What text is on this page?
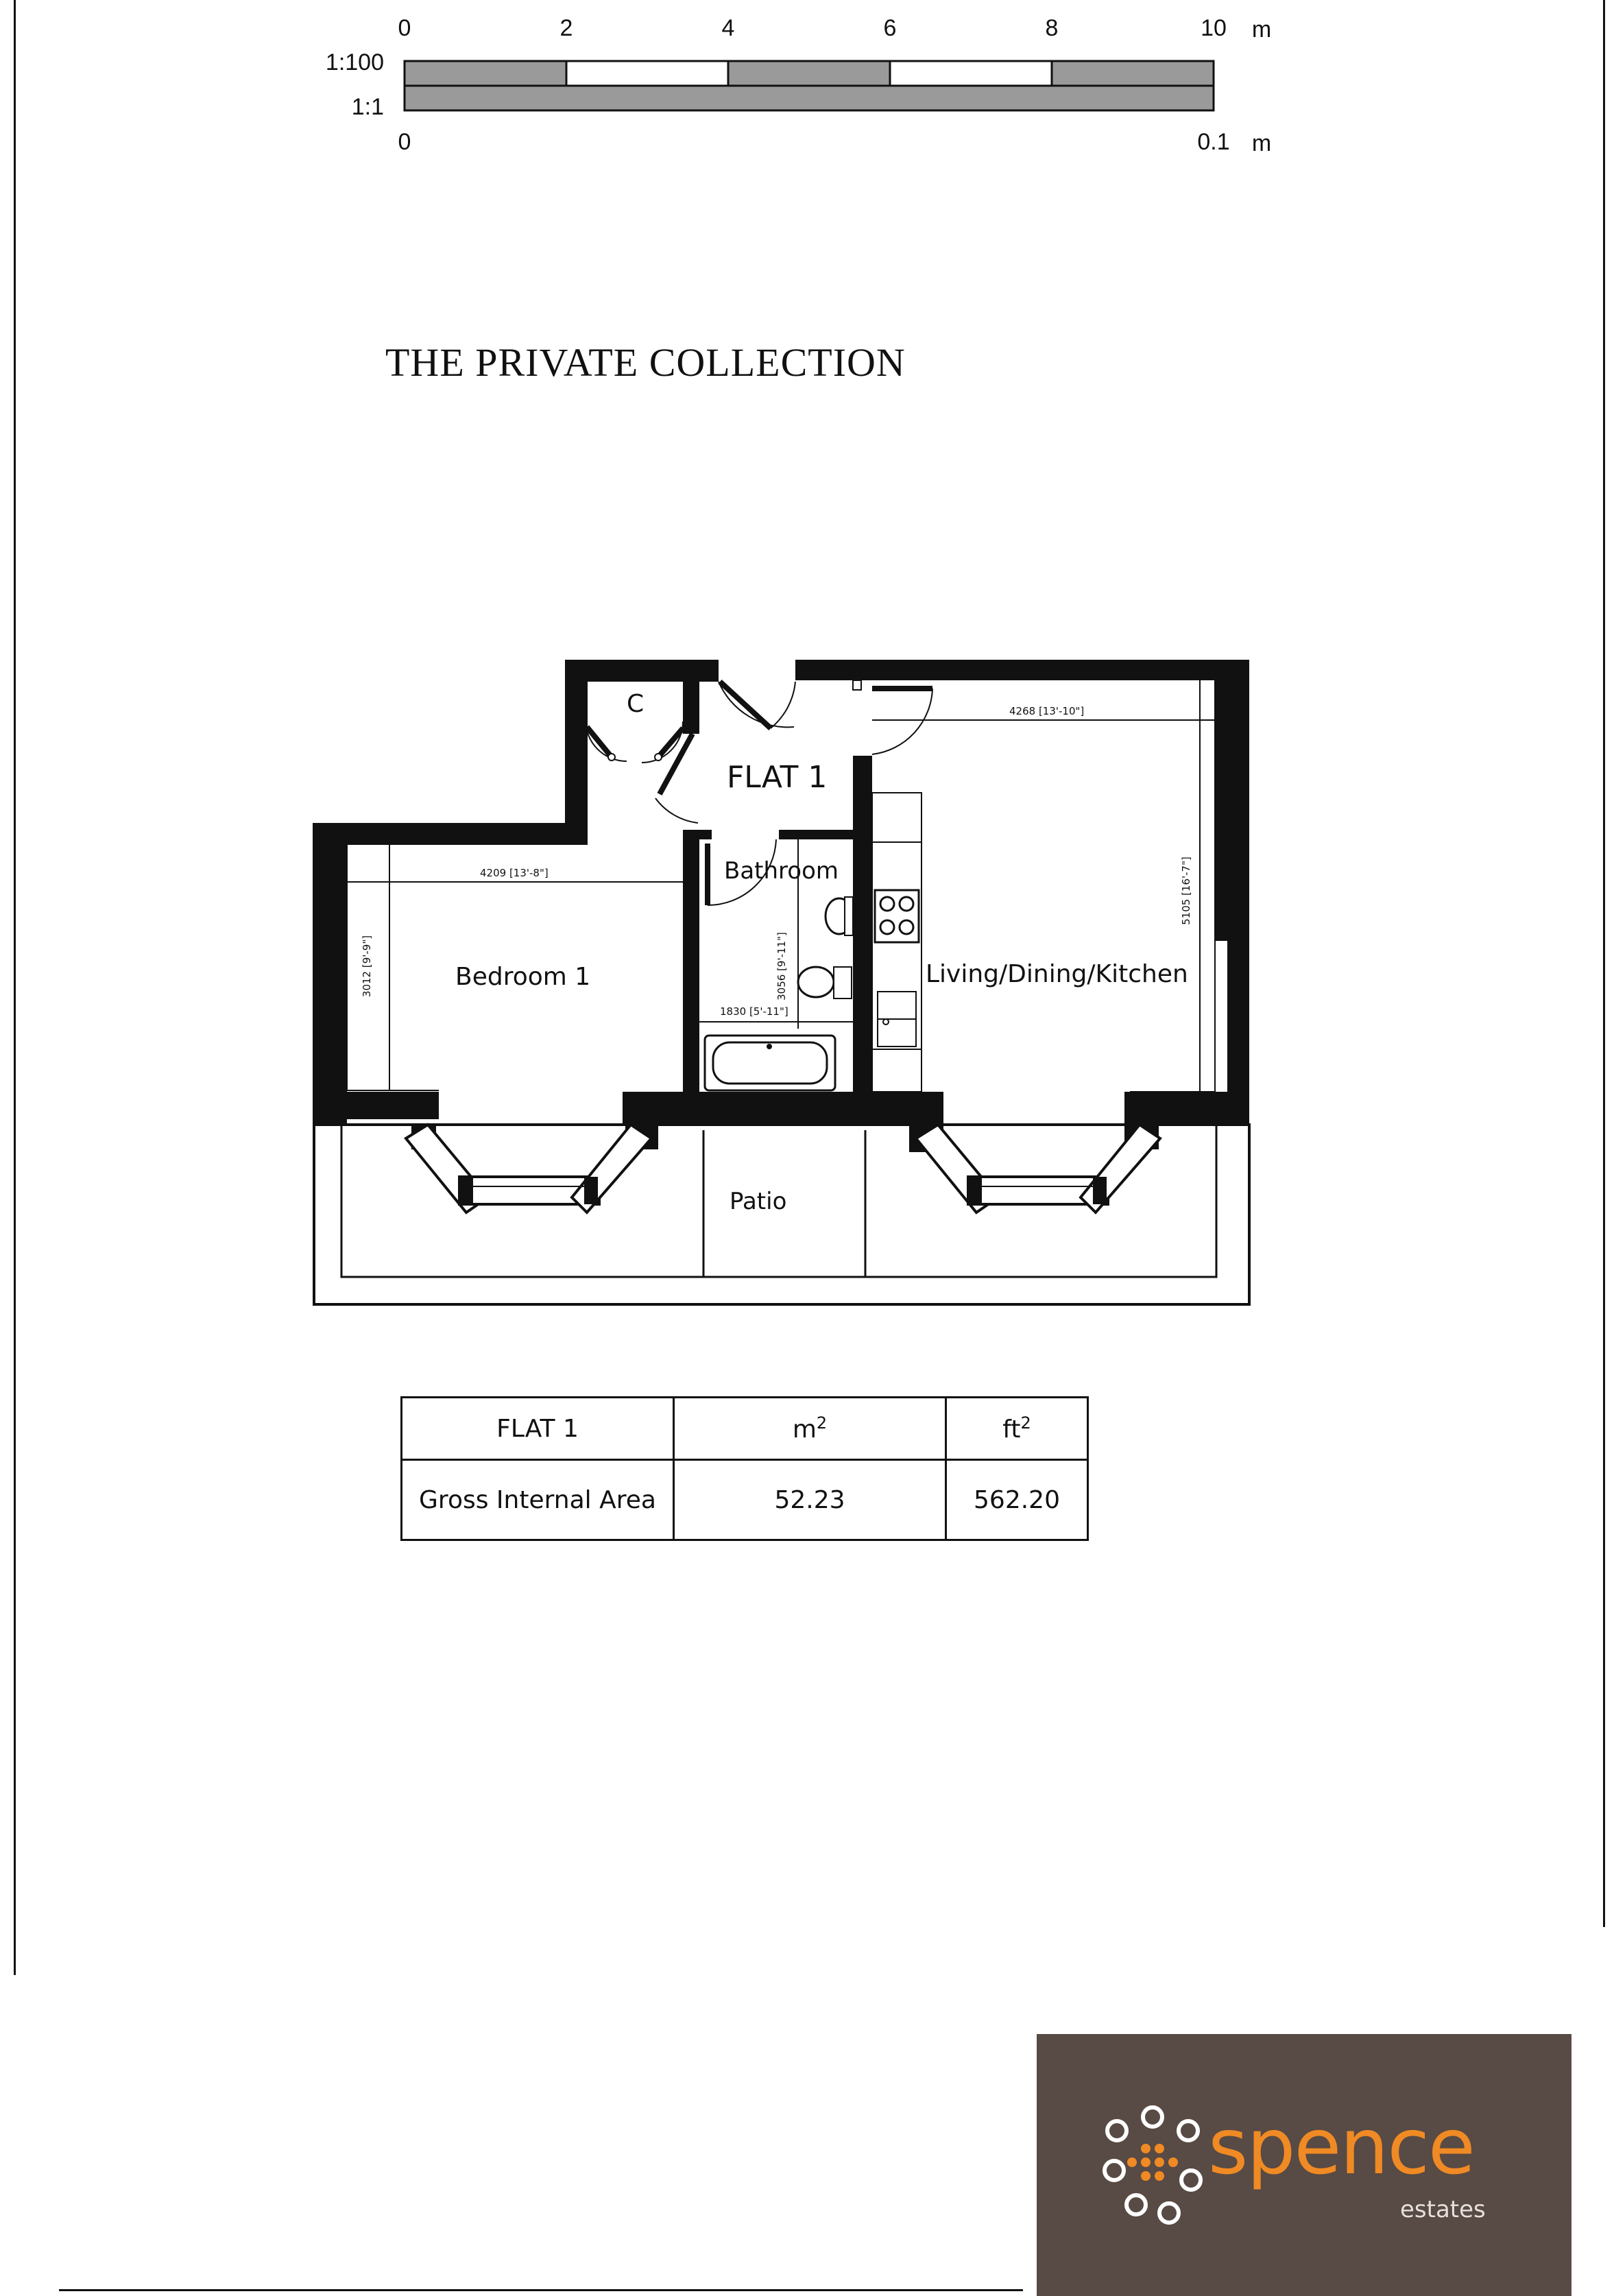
1:100
1:1
0	2	4	6	8	10 m
0	0.1 m
THE PRIVATE COLLECTION
FLAT 1
C
Bathroom
Bedroom 1	Living/Dining/Kitchen
Patio
4209 [13'-8"]
3012 [9'-9"]
1830 [5'-11"]
3056 [9'-11"]
4268 [13'-10"]
5105 [16'-7"]
FLAT 1	$m^2$	$ft^2$
Gross Internal Area	52.23	562.20
spence
estates
